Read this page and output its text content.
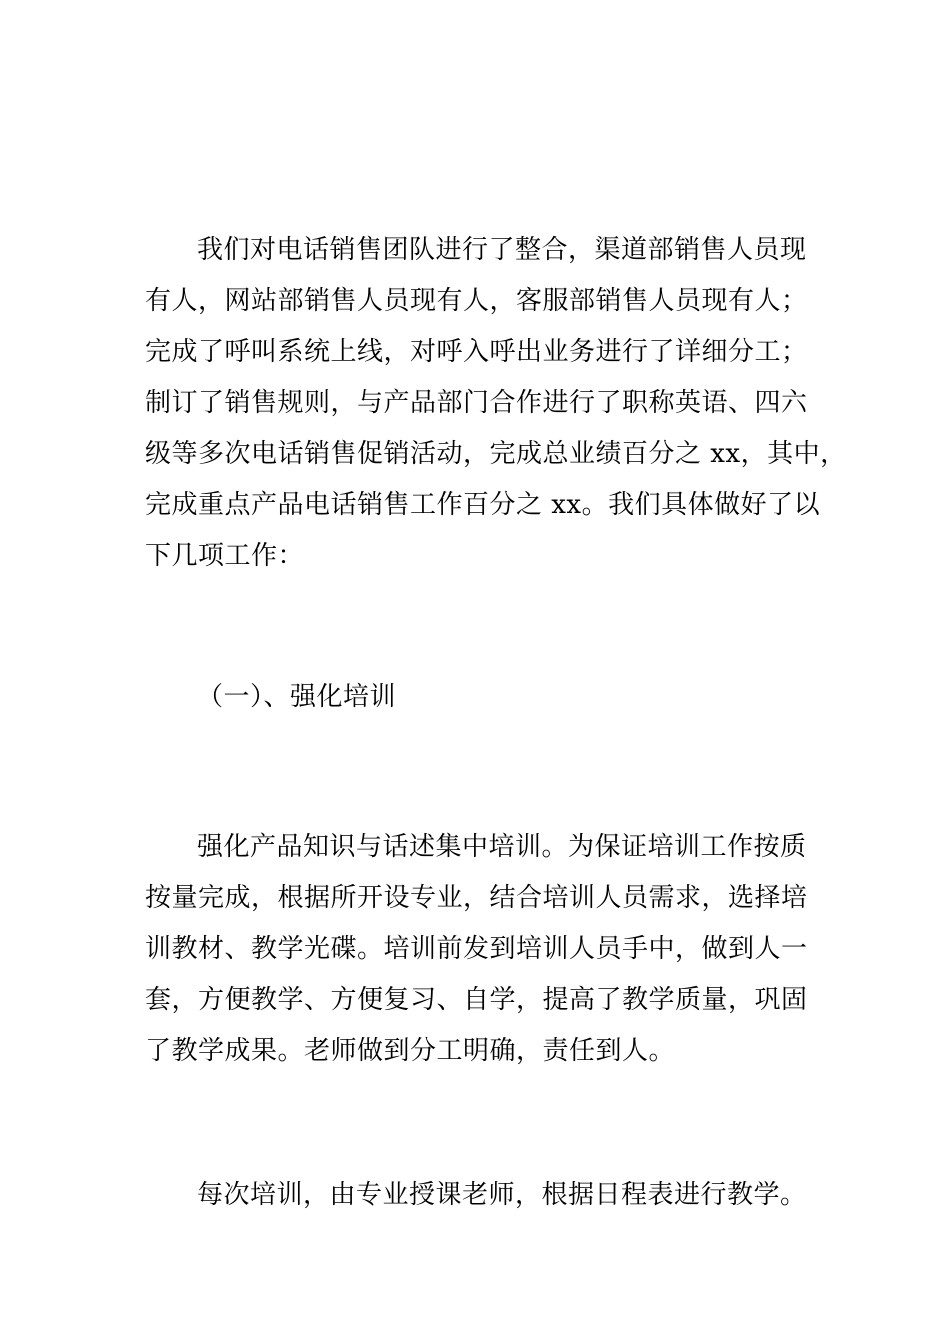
我们对电话销售团队进行了整合，渠道部销售人员现
有人，网站部销售人员现有人，客服部销售人员现有人；
完成了呼叫系统上线，对呼入呼出业务进行了详细分工；
制订了销售规则，与产品部门合作进行了职称英语、四六
级等多次电话销售促销活动，完成总业绩百分之 xx，其中，
完成重点产品电话销售工作百分之 xx。我们具体做好了以
下几项工作：
（一）、强化培训
强化产品知识与话述集中培训。为保证培训工作按质
按量完成，根据所开设专业，结合培训人员需求，选择培
训教材、教学光碟。培训前发到培训人员手中，做到人一
套，方便教学、方便复习、自学，提高了教学质量，巩固
了教学成果。老师做到分工明确，责任到人。
每次培训，由专业授课老师，根据日程表进行教学。
